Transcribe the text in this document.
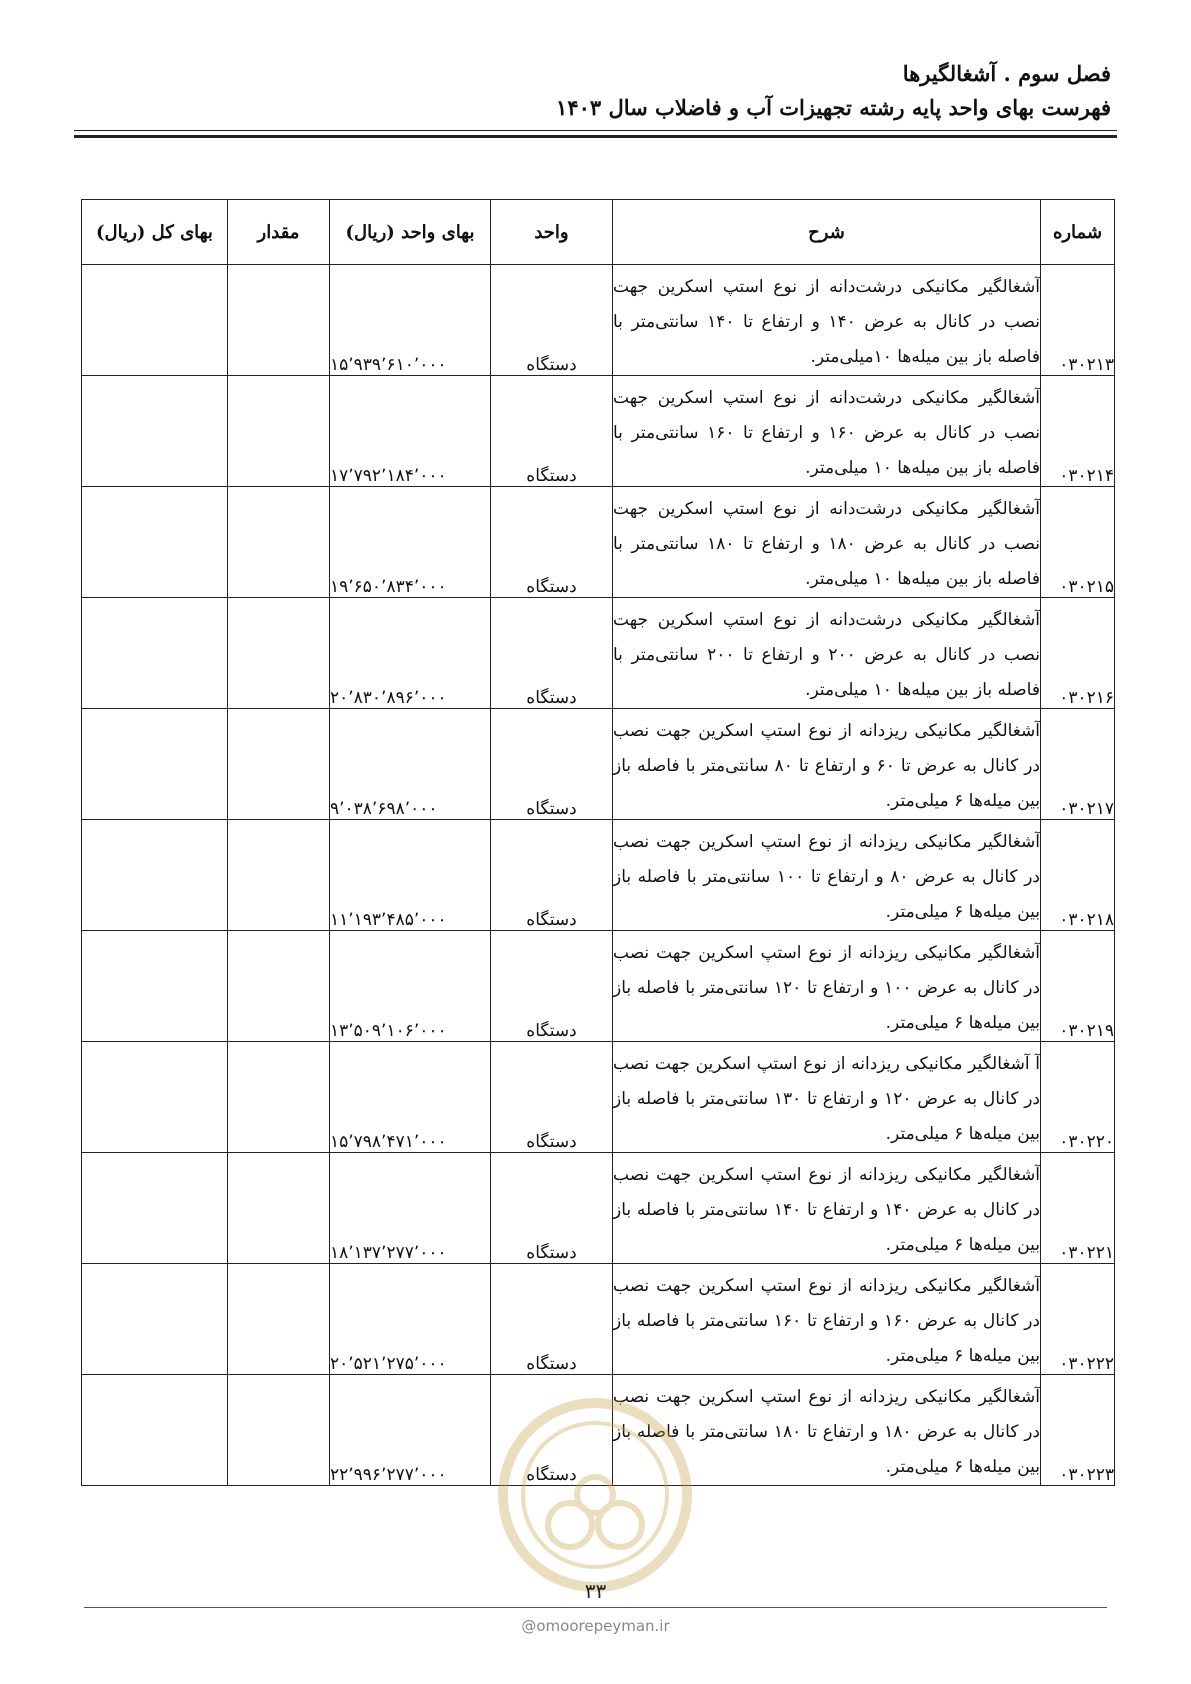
فصل سوم . آشغالگیرها
فهرست بهای واحد پایه رشته تجهیزات آب و فاضلاب سال ۱۴۰۳
شماره	شرح	واحد	بهای واحد (ریال)	مقدار	بهای کل (ریال)
۰۳۰۲۱۳	آشغالگیر مکانیکی درشت‌دانه از نوع استپ اسکرین جهت نصب در کانال به عرض ۱۴۰ و ارتفاع تا ۱۴۰ سانتی‌متر با فاصله باز بین میله‌ها ۱۰میلی‌متر.	دستگاه	۱۵٬۹۳۹٬۶۱۰٬۰۰۰		
۰۳۰۲۱۴	آشغالگیر مکانیکی درشت‌دانه از نوع استپ اسکرین جهت نصب در کانال به عرض ۱۶۰ و ارتفاع تا ۱۶۰ سانتی‌متر با فاصله باز بین میله‌ها ۱۰ میلی‌متر.	دستگاه	۱۷٬۷۹۲٬۱۸۴٬۰۰۰		
۰۳۰۲۱۵	آشغالگیر مکانیکی درشت‌دانه از نوع استپ اسکرین جهت نصب در کانال به عرض ۱۸۰ و ارتفاع تا ۱۸۰ سانتی‌متر با فاصله باز بین میله‌ها ۱۰ میلی‌متر.	دستگاه	۱۹٬۶۵۰٬۸۳۴٬۰۰۰		
۰۳۰۲۱۶	آشغالگیر مکانیکی درشت‌دانه از نوع استپ اسکرین جهت نصب در کانال به عرض ۲۰۰ و ارتفاع تا ۲۰۰ سانتی‌متر با فاصله باز بین میله‌ها ۱۰ میلی‌متر.	دستگاه	۲۰٬۸۳۰٬۸۹۶٬۰۰۰		
۰۳۰۲۱۷	آشغالگیر مکانیکی ریزدانه از نوع استپ اسکرین جهت نصب در کانال به عرض تا ۶۰ و ارتفاع تا ۸۰ سانتی‌متر با فاصله باز بین میله‌ها ۶ میلی‌متر.	دستگاه	۹٬۰۳۸٬۶۹۸٬۰۰۰		
۰۳۰۲۱۸	آشغالگیر مکانیکی ریزدانه از نوع استپ اسکرین جهت نصب در کانال به عرض ۸۰ و ارتفاع تا ۱۰۰ سانتی‌متر با فاصله باز بین میله‌ها ۶ میلی‌متر.	دستگاه	۱۱٬۱۹۳٬۴۸۵٬۰۰۰		
۰۳۰۲۱۹	آشغالگیر مکانیکی ریزدانه از نوع استپ اسکرین جهت نصب در کانال به عرض ۱۰۰ و ارتفاع تا ۱۲۰ سانتی‌متر با فاصله باز بین میله‌ها ۶ میلی‌متر.	دستگاه	۱۳٬۵۰۹٬۱۰۶٬۰۰۰		
۰۳۰۲۲۰	آ آشغالگیر مکانیکی ریزدانه از نوع استپ اسکرین جهت نصب در کانال به عرض ۱۲۰ و ارتفاع تا ۱۳۰ سانتی‌متر با فاصله باز بین میله‌ها ۶ میلی‌متر.	دستگاه	۱۵٬۷۹۸٬۴۷۱٬۰۰۰		
۰۳۰۲۲۱	آشغالگیر مکانیکی ریزدانه از نوع استپ اسکرین جهت نصب در کانال به عرض ۱۴۰ و ارتفاع تا ۱۴۰ سانتی‌متر با فاصله باز بین میله‌ها ۶ میلی‌متر.	دستگاه	۱۸٬۱۳۷٬۲۷۷٬۰۰۰		
۰۳۰۲۲۲	آشغالگیر مکانیکی ریزدانه از نوع استپ اسکرین جهت نصب در کانال به عرض ۱۶۰ و ارتفاع تا ۱۶۰ سانتی‌متر با فاصله باز بین میله‌ها ۶ میلی‌متر.	دستگاه	۲۰٬۵۲۱٬۲۷۵٬۰۰۰		
۰۳۰۲۲۳	آشغالگیر مکانیکی ریزدانه از نوع استپ اسکرین جهت نصب در کانال به عرض ۱۸۰ و ارتفاع تا ۱۸۰ سانتی‌متر با فاصله باز بین میله‌ها ۶ میلی‌متر.	دستگاه	۲۲٬۹۹۶٬۲۷۷٬۰۰۰		
۳۳
@omoorepeyman.ir
